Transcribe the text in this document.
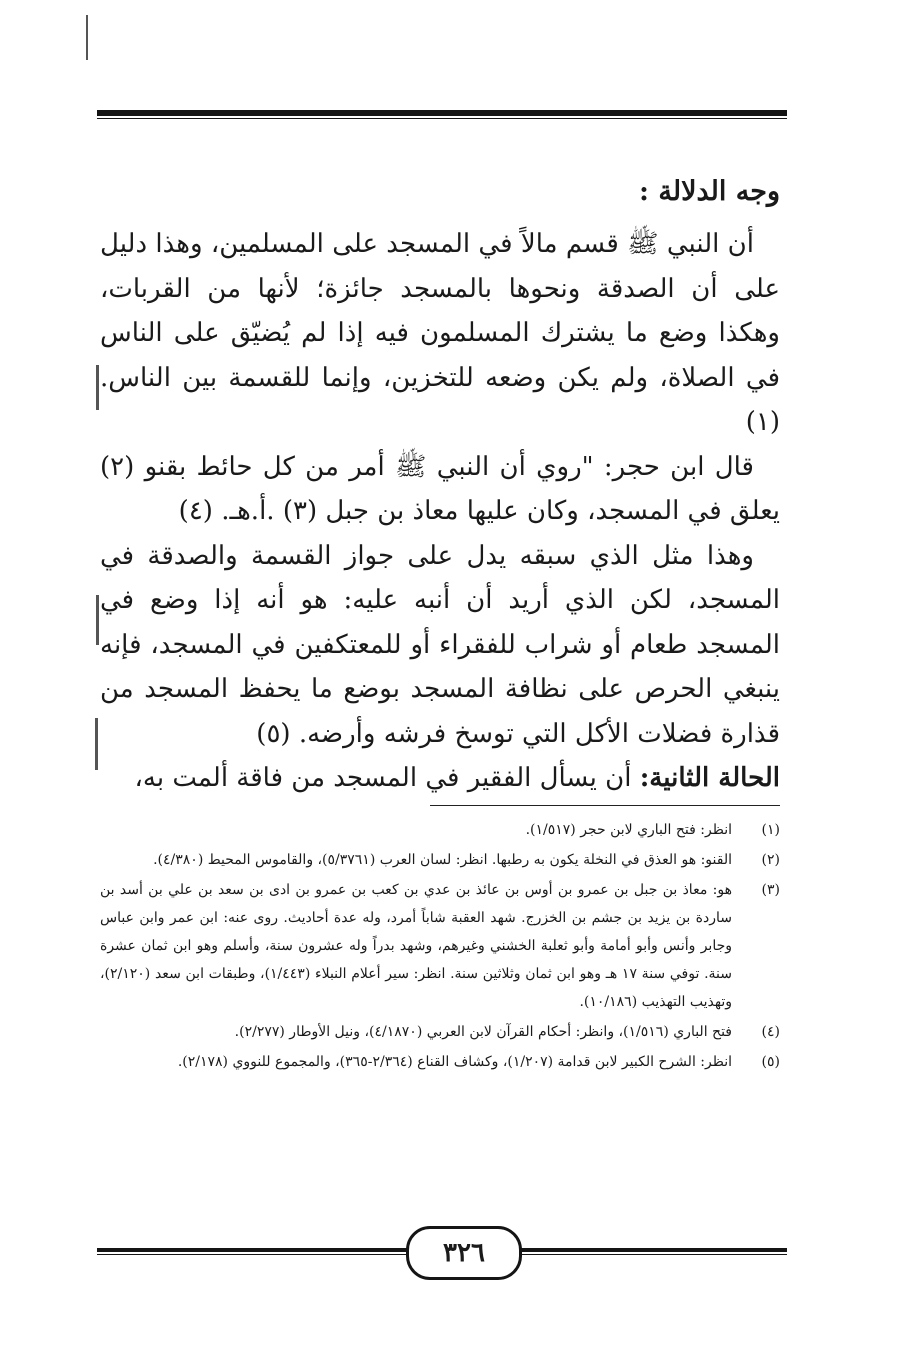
وجه الدلالة :

أن النبي ﷺ قسم مالاً في المسجد على المسلمين، وهذا دليل على أن الصدقة ونحوها بالمسجد جائزة؛ لأنها من القربات، وهكذا وضع ما يشترك المسلمون فيه إذا لم يُضيّق على الناس في الصلاة، ولم يكن وضعه للتخزين، وإنما للقسمة بين الناس. (١)

قال ابن حجر: "روي أن النبي ﷺ أمر من كل حائط بقنو (٢) يعلق في المسجد، وكان عليها معاذ بن جبل (٣) .أ.هـ. (٤)

وهذا مثل الذي سبقه يدل على جواز القسمة والصدقة في المسجد، لكن الذي أريد أن أنبه عليه: هو أنه إذا وضع في المسجد طعام أو شراب للفقراء أو للمعتكفين في المسجد، فإنه ينبغي الحرص على نظافة المسجد بوضع ما يحفظ المسجد من قذارة فضلات الأكل التي توسخ فرشه وأرضه. (٥)

الحالة الثانية: أن يسأل الفقير في المسجد من فاقة ألمت به،

(١)
انظر: فتح الباري لابن حجر (١/٥١٧).
(٢)
القنو: هو العذق في النخلة يكون به رطبها. انظر: لسان العرب (٥/٣٧٦١)، والقاموس المحيط (٤/٣٨٠).
(٣)
هو: معاذ بن جبل بن عمرو بن أوس بن عائذ بن عدي بن كعب بن عمرو بن ادى بن سعد بن علي بن أسد بن ساردة بن يزيد بن جشم بن الخزرج. شهد العقبة شاباً أمرد، وله عدة أحاديث. روى عنه: ابن عمر وابن عباس وجابر وأنس وأبو أمامة وأبو ثعلبة الخشني وغيرهم، وشهد بدراً وله عشرون سنة، وأسلم وهو ابن ثمان عشرة سنة. توفي سنة ١٧ هـ وهو ابن ثمان وثلاثين سنة. انظر: سير أعلام النبلاء (١/٤٤٣)، وطبقات ابن سعد (٢/١٢٠)، وتهذيب التهذيب (١٠/١٨٦).
(٤)
فتح الباري (١/٥١٦)، وانظر: أحكام القرآن لابن العربي (٤/١٨٧٠)، ونيل الأوطار (٢/٢٧٧).
(٥)
انظر: الشرح الكبير لابن قدامة (١/٢٠٧)، وكشاف القناع (٢/٣٦٤-٣٦٥)، والمجموع للنووي (٢/١٧٨).
٣٢٦
